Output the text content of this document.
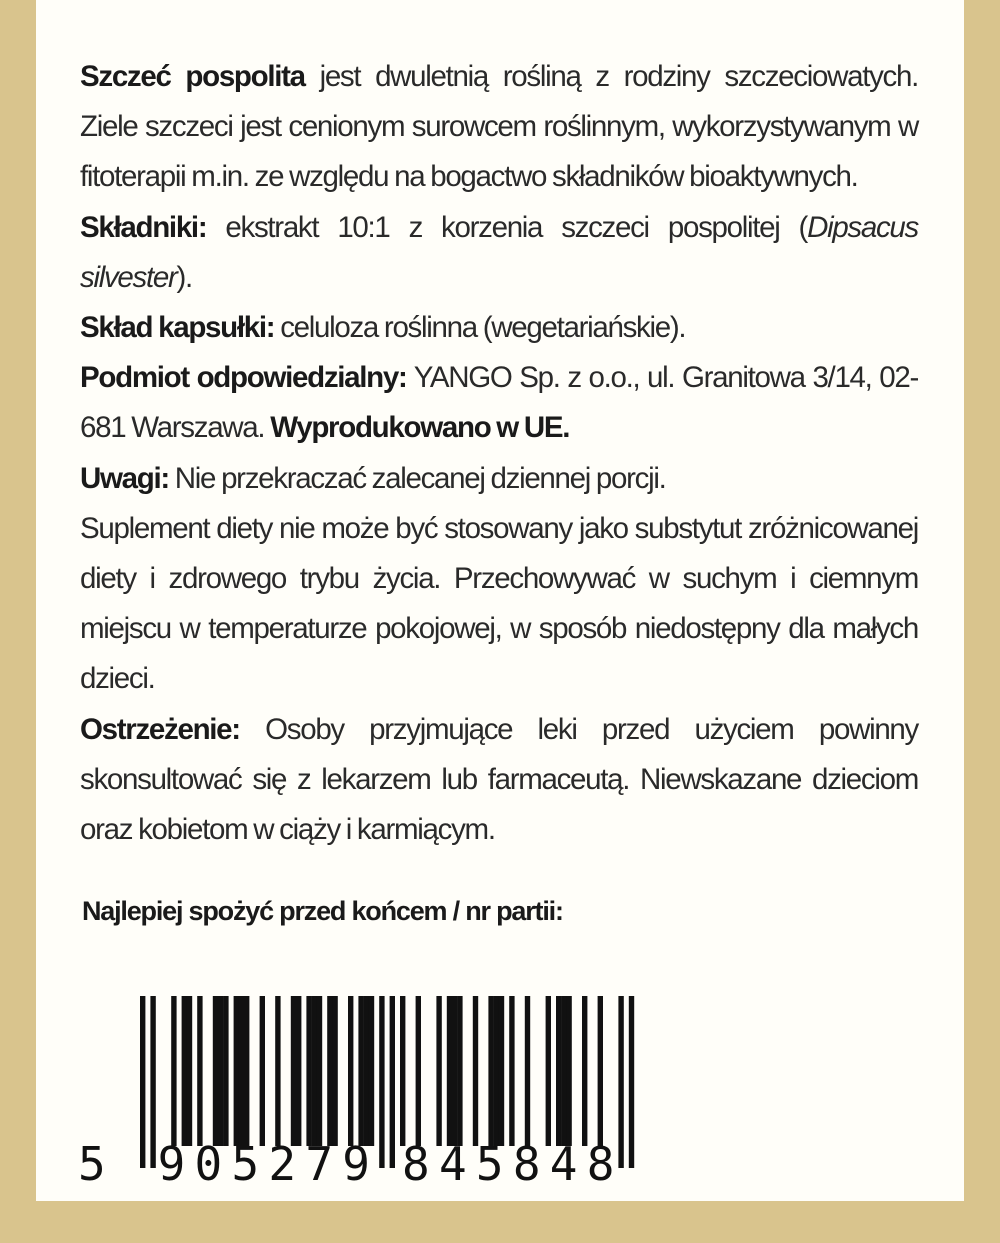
Szczeć pospolita jest dwuletnią rośliną z rodziny szczeciowatych. Ziele szczeci jest cenionym surowcem roślinnym, wykorzystywanym w fitoterapii m.in. ze względu na bogactwo składników bioaktywnych.

Składniki: ekstrakt 10:1 z korzenia szczeci pospolitej (Dipsacus silvester).

Skład kapsułki: celuloza roślinna (wegetariańskie).

Podmiot odpowiedzialny: YANGO Sp. z o.o., ul. Granitowa 3/14, 02-681 Warszawa. Wyprodukowano w UE.

Uwagi: Nie przekraczać zalecanej dziennej porcji.

Suplement diety nie może być stosowany jako substytut zróżnicowanej diety i zdrowego trybu życia. Przechowywać w suchym i ciemnym miejscu w temperaturze pokojowej, w sposób niedostępny dla małych dzieci.

Ostrzeżenie: Osoby przyjmujące leki przed użyciem powinny skonsultować się z lekarzem lub farmaceutą. Niewskazane dzieciom oraz kobietom w ciąży i karmiącym.

Najlepiej spożyć przed końcem / nr partii:
5 905279 845848
